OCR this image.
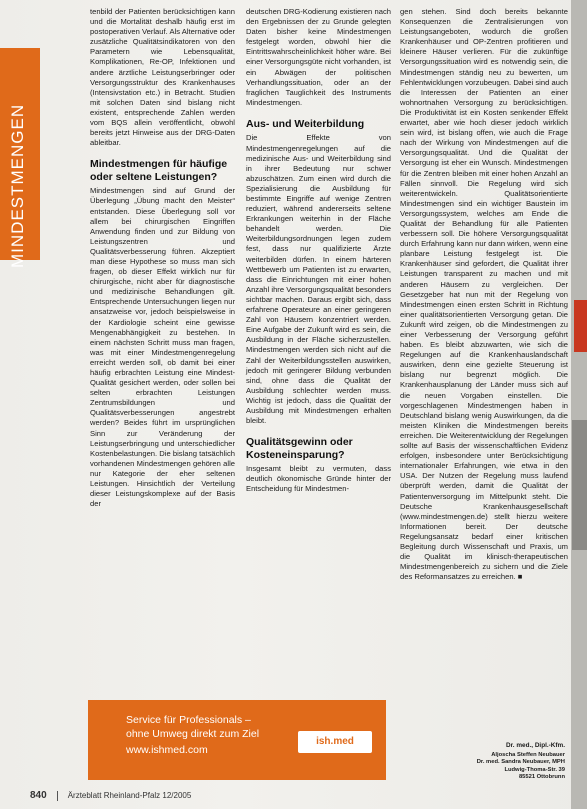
MINDESTMENGEN

tenbild der Patienten berücksichtigen kann und die Mortalität deshalb häufig erst im postoperativen Verlauf. Als Alternative oder zusätzliche Qualitätsindikatoren von den Parametern wie Lebensqualität, Komplikationen, Re-OP, Infektionen und andere ärztliche Leistungserbringer oder Versorgungsstruktur des Krankenhauses (Intensivstation etc.) in Betracht. Studien mit solchen Daten sind bislang nicht existent, entsprechende Zahlen werden vom BQS allein veröffentlicht, obwohl bereits jetzt Hinweise aus der DRG-Daten ableitbar.

Mindestmengen für häufige oder seltene Leistungen?

Mindestmengen sind auf Grund der Überlegung „Übung macht den Meister“ entstanden. Diese Überlegung soll vor allem bei chirurgischen Eingriffen Anwendung finden und zur Bildung von Leistungszentren und Qualitätsverbesserung führen. Akzeptiert man diese Hypothese so muss man sich fragen, ob dieser Effekt wirklich nur für chirurgische, nicht aber für diagnostische und medizinische Behandlungen gilt. Entsprechende Untersuchungen liegen nur ansatzweise vor, jedoch beispielsweise in der Kardiologie scheint eine gewisse Mengenabhängigkeit zu bestehen. In einem nächsten Schritt muss man fragen, was mit einer Mindestmengenregelung erreicht werden soll, ob damit bei einer häufig erbrachten Leistung eine Mindest-Qualität gesichert werden, oder sollen bei selten erbrachten Leistungen Zentrumsbildungen und Qualitätsverbesserungen angestrebt werden? Beides führt im ursprünglichen Sinn zur Veränderung der Leistungserbringung und unterschiedlicher Kostenbelastungen. Die bislang tatsächlich vorhandenen Mindestmengen gehören alle nur Kategorie der eher seltenen Leistungen. Hinsichtlich der Verteilung dieser Leistungskomplexe auf der Basis der

deutschen DRG-Kodierung existieren nach den Ergebnissen der zu Grunde gelegten Daten bisher keine Mindestmengen festgelegt worden, obwohl hier die Eintrittswahrscheinlichkeit höher wäre. Bei einer Versorgungsgüte nicht vorhanden, ist ein Abwägen der politischen Verhandlungssituation, oder an der fraglichen Tauglichkeit des Instruments Mindestmengen.

Aus- und Weiterbildung

Die Effekte von Mindestmengenregelungen auf die medizinische Aus- und Weiterbildung sind in ihrer Bedeutung nur schwer abzuschätzen. Zum einen wird durch die Spezialisierung die Ausbildung für bestimmte Eingriffe auf wenige Zentren reduziert, während andererseits seltene Erkrankungen weiterhin in der Fläche behandelt werden. Die Weiterbildungsordnungen legen zudem fest, dass nur qualifizierte Ärzte weiterbilden dürfen. In einem härteren Wettbewerb um Patienten ist zu erwarten, dass die Einrichtungen mit einer hohen Anzahl ihre Versorgungsqualität besonders sichtbar machen. Daraus ergibt sich, dass erfahrene Operateure an einer geringeren Zahl von Häusern konzentriert werden. Eine Aufgabe der Zukunft wird es sein, die Ausbildung in der Fläche sicherzustellen. Mindestmengen werden sich nicht auf die Zahl der Weiterbildungsstellen auswirken, jedoch mit geringerer Bildung verbunden sind, ohne dass die Qualität der Ausbildung schlechter werden muss. Wichtig ist jedoch, dass die Qualität der Ausbildung mit Mindestmengen erhalten bleibt.

Qualitätsgewinn oder Kosteneinsparung?

Insgesamt bleibt zu vermuten, dass deutlich ökonomische Gründe hinter der Entscheidung für Mindestmen-

gen stehen. Sind doch bereits bekannte Konsequenzen die Zentralisierungen von Leistungsangeboten, wodurch die großen Krankenhäuser und OP-Zentren profitieren und kleinere Häuser verlieren. Für die zukünftige Versorgungssituation wird es notwendig sein, die Mindestmengen ständig neu zu bewerten, um Fehlentwicklungen vorzubeugen. Dabei sind auch die Interessen der Patienten an einer wohnortnahen Versorgung zu berücksichtigen. Die Produktivität ist ein Kosten senkender Effekt erwartet, aber wie hoch dieser jedoch wirklich sein wird, ist bislang offen, wie auch die Frage nach der Wirkung von Mindestmengen auf die Versorgungsqualität. Und die Qualität der Versorgung ist eher ein Wunsch. Mindestmengen für die Zentren bleiben mit einer hohen Anzahl an Fällen sinnvoll. Die Regelung wird sich weiterentwickeln. Qualitätsorientierte Mindestmengen sind ein wichtiger Baustein im Versorgungssystem, welches am Ende die Qualität der Behandlung für alle Patienten verbessern soll. Die höhere Versorgungsqualität durch Erfahrung kann nur dann wirken, wenn eine planbare Leistung festgelegt ist. Die Krankenhäuser sind gefordert, die Qualität ihrer Leistungen transparent zu machen und mit anderen Häusern zu vergleichen. Der Gesetzgeber hat nun mit der Regelung von Mindestmengen einen ersten Schritt in Richtung einer qualitätsorientierten Versorgung getan. Die Zukunft wird zeigen, ob die Mindestmengen zu einer Verbesserung der Versorgung geführt haben. Es bleibt abzuwarten, wie sich die Regelungen auf die Krankenhauslandschaft auswirken, denn eine gezielte Steuerung ist bislang nur begrenzt möglich. Die Krankenhausplanung der Länder muss sich auf die neuen Vorgaben einstellen. Die vorgeschlagenen Mindestmengen haben in Deutschland bislang wenig Auswirkungen, da die meisten Kliniken die Mindestmengen bereits erreichen. Die Weiterentwicklung der Regelungen sollte auf Basis der wissenschaftlichen Evidenz erfolgen, insbesondere unter Berücksichtigung internationaler Erfahrungen, wie etwa in den USA. Der Nutzen der Regelung muss laufend überprüft werden, damit die Qualität der Patientenversorgung im Mittelpunkt steht. Die Deutsche Krankenhausgesellschaft (www.mindestmengen.de) stellt hierzu weitere Informationen bereit. Der deutsche Regelungsansatz bedarf einer kritischen Begleitung durch Wissenschaft und Praxis, um die Qualität im klinisch-therapeutischen Mindestmengenbereich zu sichern und die Ziele des Reformansatzes zu erreichen. ■

Dr. med., Dipl.-Kfm.
Aljoscha Steffen Neubauer
Dr. med. Sandra Neubauer, MPH
Ludwig-Thoma-Str. 39
85521 Ottobrunn
Service für Professionals –
ohne Umweg direkt zum Ziel
www.ishmed.com
ish.med
840	Ärzteblatt Rheinland-Pfalz 12/2005
